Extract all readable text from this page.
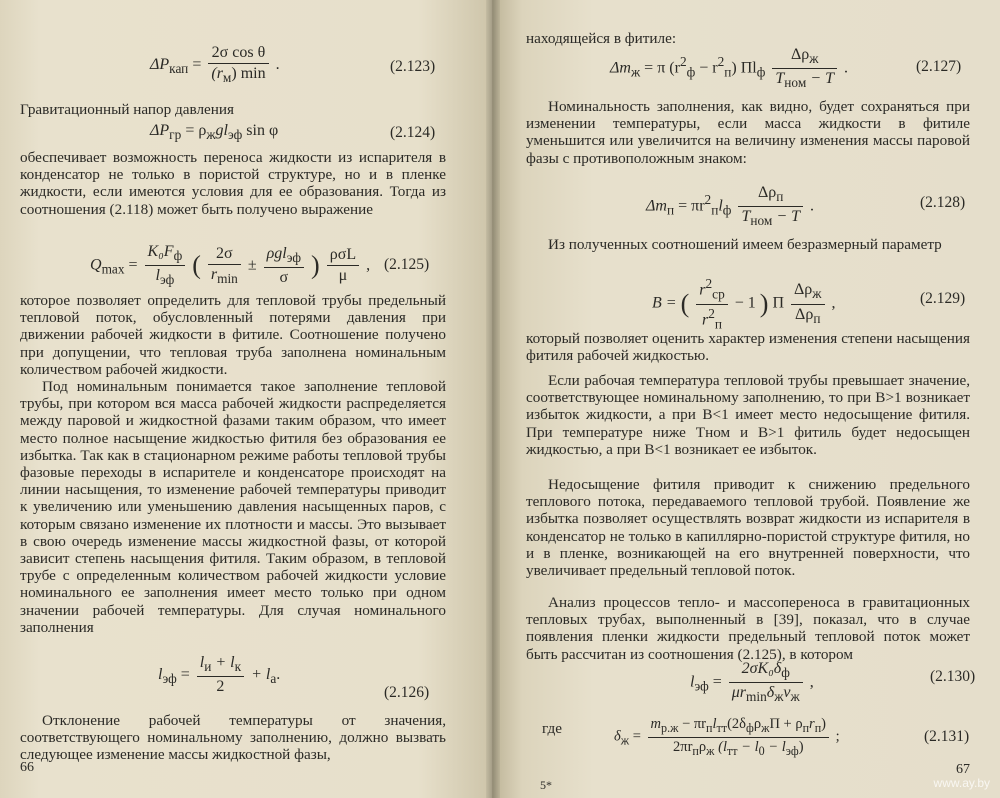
$\Delta P_{кап} = \frac{\text{2σ cos θ}}{(r_м) \min}$ .	(2.123)

Гравитационный напор давления

$\Delta P_{гр} = \rho_жgl_{эф}$ sin φ	(2.124)

обеспечивает возможность переноса жидкости из испарителя в конденсатор не только в пористой структуре, но и в пленке жидкости, если имеются условия для ее образования. Тогда из соотношения (2.118) может быть получено выражение

$Q_{max} = \frac{K_0F_ф}{l_{эф}}$ ( $\frac{2\sigma}{r_{min}} \pm \frac{\rho gl_{эф}}{\sigma}$ ) $\frac{\text{ρσL}}{\mu}$ , (2.125)

которое позволяет определить для тепловой трубы предельный тепловой поток, обусловленный потерями давления при движении рабочей жидкости в фитиле. Соотношение получено при допущении, что тепловая труба заполнена номинальным количеством рабочей жидкости.

Под номинальным понимается такое заполнение тепловой трубы, при котором вся масса рабочей жидкости распределяется между паровой и жидкостной фазами таким образом, что имеет место полное насыщение жидкостью фитиля без образования ее избытка. Так как в стационарном режиме работы тепловой трубы фазовые переходы в испарителе и конденсаторе происходят на линии насыщения, то изменение рабочей температуры приводит к увеличению или уменьшению давления насыщенных паров, с которым связано изменение их плотности и массы. Это вызывает в свою очередь изменение массы жидкостной фазы, от которой зависит степень насыщения фитиля. Таким образом, в тепловой трубе с определенным количеством рабочей жидкости условие номинального ее заполнения имеет место только при одном значении рабочей температуры. Для случая номинального заполнения

$l_{эф} = \frac{l_и + l_к}{2} + l_a$.
(2.126)

Отклонение рабочей температуры от значения, соответствующего номинальному заполнению, должно вызвать следующее изменение массы жидкостной фазы,

66

находящейся в фитиле:

$\Delta m_ж = \pi$ $(r^2_ф - r^2_п)$ $Пl_ф \frac{\Delta\rho_ж}{T_{ном} - T}$ .	(2.127)

Номинальность заполнения, как видно, будет сохраняться при изменении температуры, если масса жидкости в фитиле уменьшится или увеличится на величину изменения массы паровой фазы с противоположным знаком:

$\Delta m_п = \pi r^2_пl_ф \frac{\Delta\rho_п}{T_{ном} - T}$ .	(2.128)

Из полученных соотношений имеем безразмерный параметр

B = ( $\frac{r^2_{ср}}{r^2_п} - 1$ ) П $\frac{\Delta\rho_ж}{\Delta\rho_п}$ ,	(2.129)

который позволяет оценить характер изменения степени насыщения фитиля рабочей жидкостью.

Если рабочая температура тепловой трубы превышает значение, соответствующее номинальному заполнению, то при B>1 возникает избыток жидкости, а при B<1 имеет место недосыщение фитиля. При температуре ниже Tном и B>1 фитиль будет недосыщен жидкостью, а при B<1 возникает ее избыток.

Недосыщение фитиля приводит к снижению предельного теплового потока, передаваемого тепловой трубой. Появление же избытка позволяет осуществлять возврат жидкости из испарителя в конденсатор не только в капиллярно-пористой структуре фитиля, но и в пленке, возникающей на его внутренней поверхности, что увеличивает предельный тепловой поток.

Анализ процессов тепло- и массопереноса в гравитационных тепловых трубах, выполненный в [39], показал, что в случае появления пленки жидкости предельный тепловой поток может быть рассчитан из соотношения (2.125), в котором

$l_{эф} = \frac{2\sigma K_0\delta_ф}{\mu r_{min}\delta_ж\nu_ж}$ ,	(2.130)

где	$\delta_ж = \frac{m_{р.ж} - \pi r_пl_{тт}(2\delta_ф\rho_жП + \rho_пr_п)}{2\pi r_п\rho_ж (l_{тт} - l_0 - l_{эф})}$ ;	(2.131)
5*
67
www.ay.by
